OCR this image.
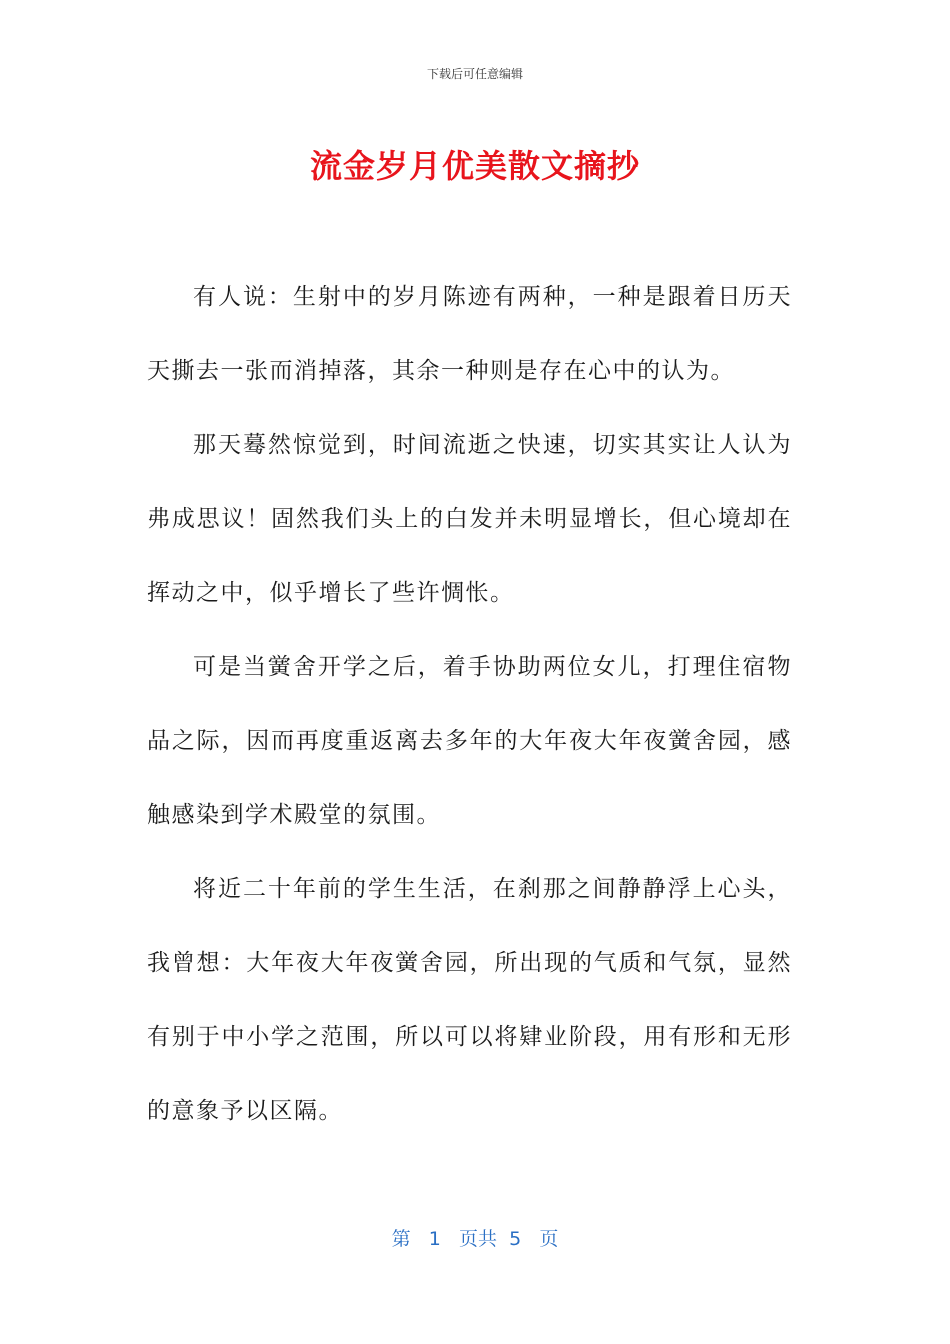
下载后可任意编辑
流金岁月优美散文摘抄

有人说：生射中的岁月陈迹有两种，一种是跟着日历天天撕去一张而消掉落，其余一种则是存在心中的认为。

那天蓦然惊觉到，时间流逝之快速，切实其实让人认为弗成思议！固然我们头上的白发并未明显增长，但心境却在挥动之中，似乎增长了些许惆怅。

可是当黉舍开学之后，着手协助两位女儿，打理住宿物品之际，因而再度重返离去多年的大年夜大年夜黉舍园，感触感染到学术殿堂的氛围。

将近二十年前的学生生活，在刹那之间静静浮上心头，我曾想：大年夜大年夜黉舍园，所出现的气质和气氛，显然有别于中小学之范围，所以可以将肄业阶段，用有形和无形的意象予以区隔。

第 1 页共 5 页
